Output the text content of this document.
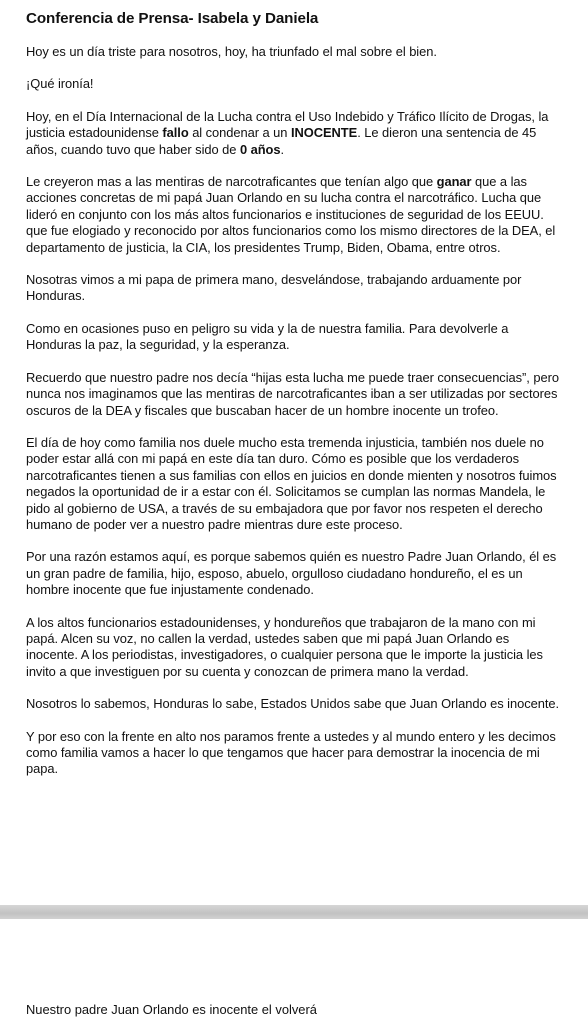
Conferencia de Prensa- Isabela y Daniela

Hoy es un día triste para nosotros, hoy, ha triunfado el mal sobre el bien.

¡Qué ironía!

Hoy, en el Día Internacional de la Lucha contra el Uso Indebido y Tráfico Ilícito de Drogas, la justicia estadounidense fallo al condenar a un INOCENTE. Le dieron una sentencia de 45 años, cuando tuvo que haber sido de 0 años.

Le creyeron mas a las mentiras de narcotraficantes que tenían algo que ganar que a las acciones concretas de mi papá Juan Orlando en su lucha contra el narcotráfico. Lucha que lideró en conjunto con los más altos funcionarios e instituciones de seguridad de los EEUU. que fue elogiado y reconocido por altos funcionarios como los mismo directores de la DEA, el departamento de justicia, la CIA, los presidentes Trump, Biden, Obama, entre otros.

Nosotras vimos a mi papa de primera mano, desvelándose, trabajando arduamente por Honduras.

Como en ocasiones puso en peligro su vida y la de nuestra familia. Para devolverle a Honduras la paz, la seguridad, y la esperanza.

Recuerdo que nuestro padre nos decía “hijas esta lucha me puede traer consecuencias”, pero nunca nos imaginamos que las mentiras de narcotraficantes iban a ser utilizadas por sectores oscuros de la DEA y fiscales que buscaban hacer de un hombre inocente un trofeo.

El día de hoy como familia nos duele mucho esta tremenda injusticia, también nos duele no poder estar allá con mi papá en este día tan duro. Cómo es posible que los verdaderos narcotraficantes tienen a sus familias con ellos en juicios en donde mienten y nosotros fuimos negados la oportunidad de ir a estar con él. Solicitamos se cumplan las normas Mandela, le pido al gobierno de USA, a través de su embajadora que por favor nos respeten el derecho humano de poder ver a nuestro padre mientras dure este proceso.

Por una razón estamos aquí, es porque sabemos quién es nuestro Padre Juan Orlando, él es un gran padre de familia, hijo, esposo, abuelo, orgulloso ciudadano hondureño, el es un hombre inocente que fue injustamente condenado.

A los altos funcionarios estadounidenses, y hondureños que trabajaron de la mano con mi papá. Alcen su voz, no callen la verdad, ustedes saben que mi papá Juan Orlando es inocente. A los periodistas, investigadores, o cualquier persona que le importe la justicia les invito a que investiguen por su cuenta y conozcan de primera mano la verdad.

Nosotros lo sabemos, Honduras lo sabe, Estados Unidos sabe que Juan Orlando es inocente.

Y por eso con la frente en alto nos paramos frente a ustedes y al mundo entero y les decimos como familia vamos a hacer lo que tengamos que hacer para demostrar la inocencia de mi papa.

Nuestro padre Juan Orlando es inocente el volverá
